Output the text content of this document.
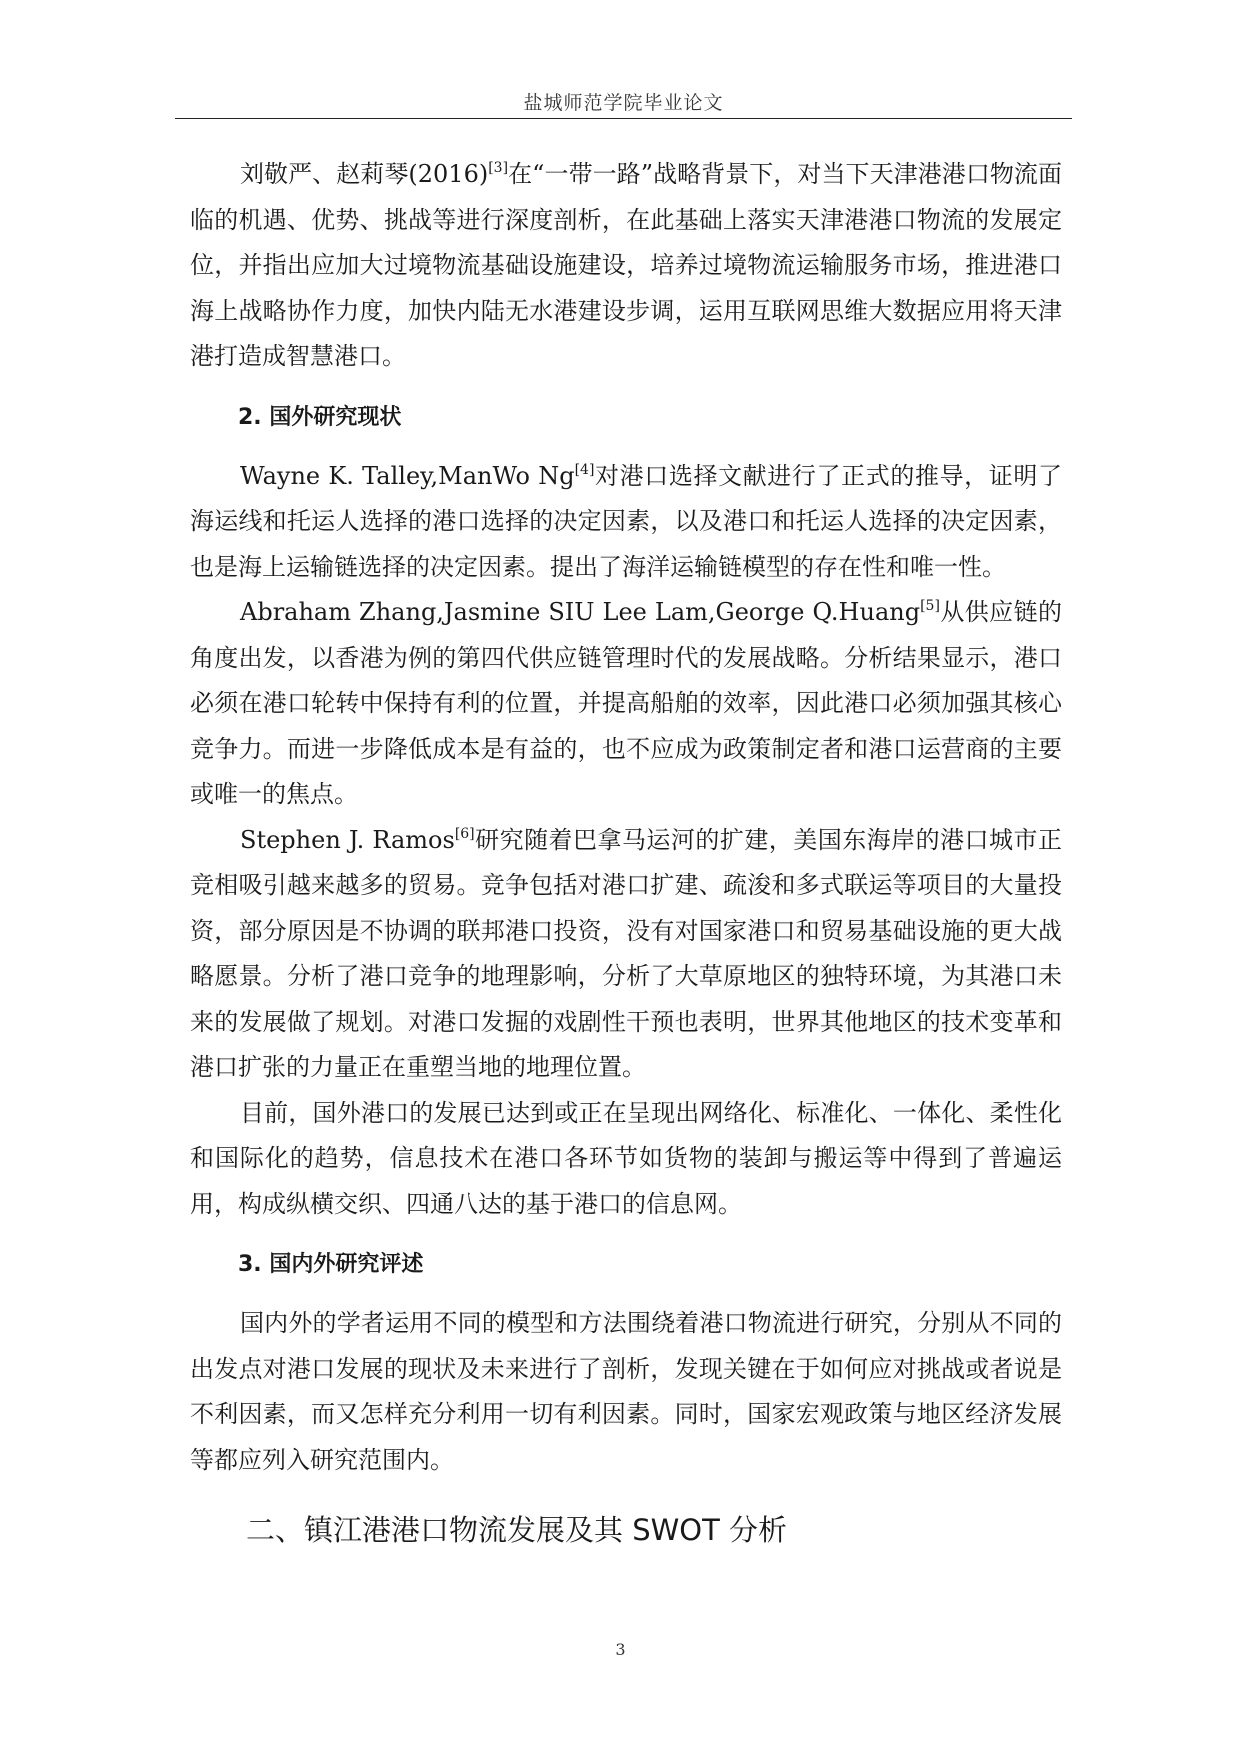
盐城师范学院毕业论文

刘敬严、赵莉琴(2016)[3]在“一带一路”战略背景下，对当下天津港港口物流面临的机遇、优势、挑战等进行深度剖析，在此基础上落实天津港港口物流的发展定位，并指出应加大过境物流基础设施建设，培养过境物流运输服务市场，推进港口海上战略协作力度，加快内陆无水港建设步调，运用互联网思维大数据应用将天津港打造成智慧港口。

2. 国外研究现状

Wayne K. Talley,ManWo Ng[4]对港口选择文献进行了正式的推导，证明了海运线和托运人选择的港口选择的决定因素，以及港口和托运人选择的决定因素，也是海上运输链选择的决定因素。提出了海洋运输链模型的存在性和唯一性。

Abraham Zhang,Jasmine SIU Lee Lam,George Q.Huang[5]从供应链的角度出发，以香港为例的第四代供应链管理时代的发展战略。分析结果显示，港口必须在港口轮转中保持有利的位置，并提高船舶的效率，因此港口必须加强其核心竞争力。而进一步降低成本是有益的，也不应成为政策制定者和港口运营商的主要或唯一的焦点。

Stephen J. Ramos[6]研究随着巴拿马运河的扩建，美国东海岸的港口城市正竞相吸引越来越多的贸易。竞争包括对港口扩建、疏浚和多式联运等项目的大量投资，部分原因是不协调的联邦港口投资，没有对国家港口和贸易基础设施的更大战略愿景。分析了港口竞争的地理影响，分析了大草原地区的独特环境，为其港口未来的发展做了规划。对港口发掘的戏剧性干预也表明，世界其他地区的技术变革和港口扩张的力量正在重塑当地的地理位置。

目前，国外港口的发展已达到或正在呈现出网络化、标准化、一体化、柔性化和国际化的趋势，信息技术在港口各环节如货物的装卸与搬运等中得到了普遍运用，构成纵横交织、四通八达的基于港口的信息网。

3. 国内外研究评述

国内外的学者运用不同的模型和方法围绕着港口物流进行研究，分别从不同的出发点对港口发展的现状及未来进行了剖析，发现关键在于如何应对挑战或者说是不利因素，而又怎样充分利用一切有利因素。同时，国家宏观政策与地区经济发展等都应列入研究范围内。

二、镇江港港口物流发展及其 SWOT 分析
3
